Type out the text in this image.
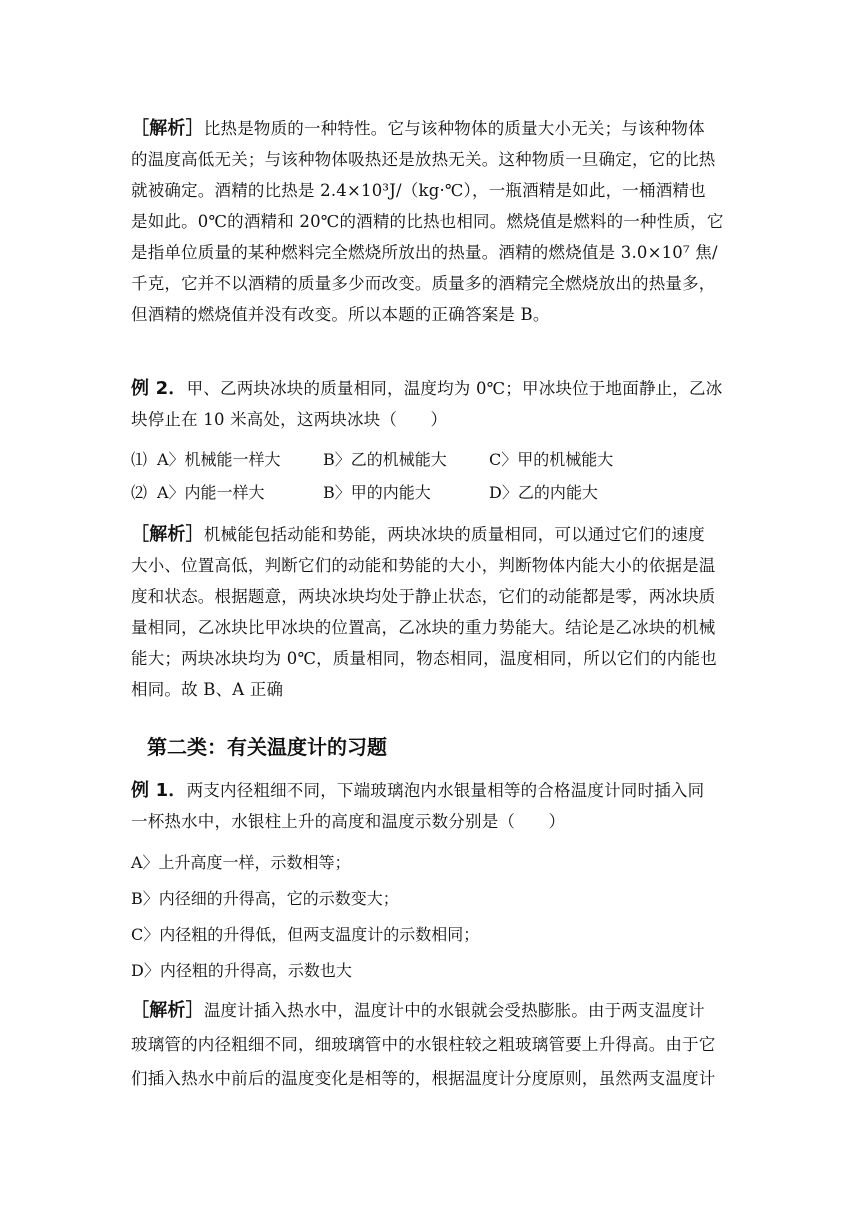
［解析］比热是物质的一种特性。它与该种物体的质量大小无关；与该种物体
的温度高低无关；与该种物体吸热还是放热无关。这种物质一旦确定，它的比热
就被确定。酒精的比热是 2.4×10³J/（kg·℃），一瓶酒精是如此，一桶酒精也
是如此。0℃的酒精和 20℃的酒精的比热也相同。燃烧值是燃料的一种性质，它
是指单位质量的某种燃料完全燃烧所放出的热量。酒精的燃烧值是 3.0×10⁷ 焦/
千克，它并不以酒精的质量多少而改变。质量多的酒精完全燃烧放出的热量多，
但酒精的燃烧值并没有改变。所以本题的正确答案是 B。
例 2．甲、乙两块冰块的质量相同，温度均为 0℃；甲冰块位于地面静止，乙冰
块停止在 10 米高处，这两块冰块（　　）
⑴ A〉机械能一样大	B〉乙的机械能大	C〉甲的机械能大
⑵ A〉内能一样大	B〉甲的内能大	D〉乙的内能大
［解析］机械能包括动能和势能，两块冰块的质量相同，可以通过它们的速度
大小、位置高低，判断它们的动能和势能的大小，判断物体内能大小的依据是温
度和状态。根据题意，两块冰块均处于静止状态，它们的动能都是零，两冰块质
量相同，乙冰块比甲冰块的位置高，乙冰块的重力势能大。结论是乙冰块的机械
能大；两块冰块均为 0℃，质量相同，物态相同，温度相同，所以它们的内能也
相同。故 B、A 正确
第二类：有关温度计的习题
例 1．两支内径粗细不同，下端玻璃泡内水银量相等的合格温度计同时插入同
一杯热水中，水银柱上升的高度和温度示数分别是（　　）
A〉上升高度一样，示数相等；
B〉内径细的升得高，它的示数变大；
C〉内径粗的升得低，但两支温度计的示数相同；
D〉内径粗的升得高，示数也大
［解析］温度计插入热水中，温度计中的水银就会受热膨胀。由于两支温度计
玻璃管的内径粗细不同，细玻璃管中的水银柱较之粗玻璃管要上升得高。由于它
们插入热水中前后的温度变化是相等的，根据温度计分度原则，虽然两支温度计
